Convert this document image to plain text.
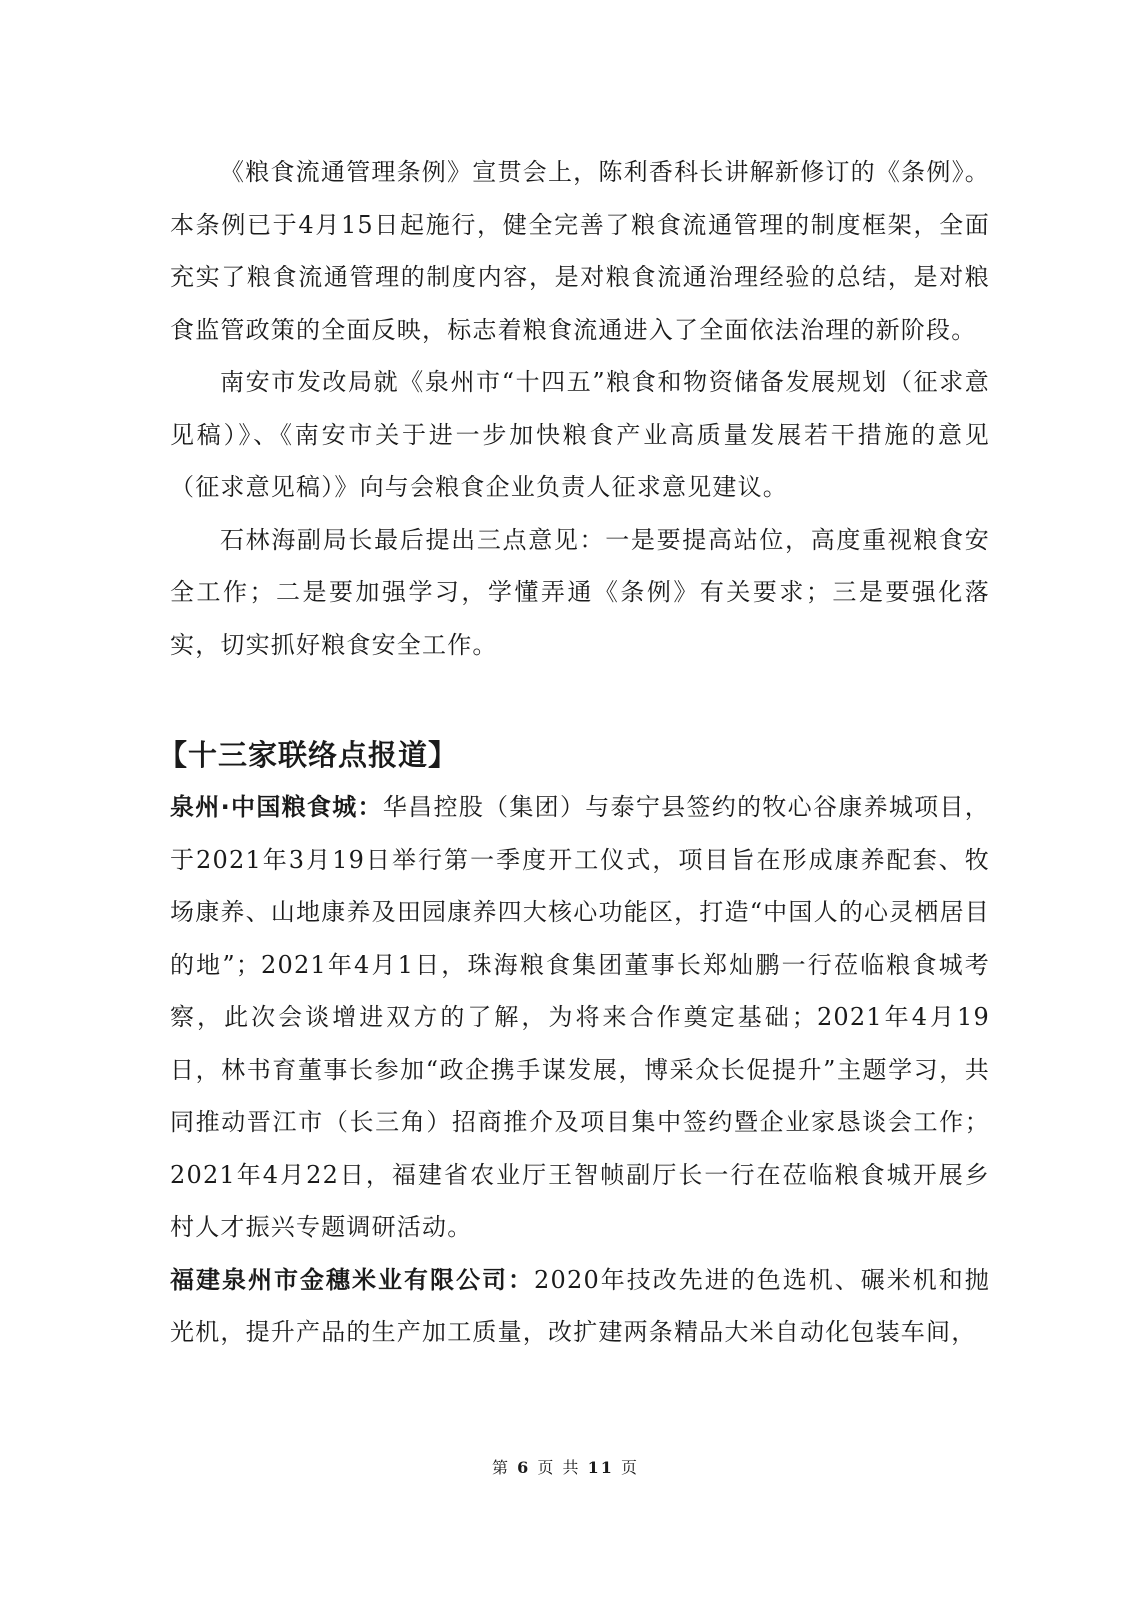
《粮食流通管理条例》宣贯会上，陈利香科长讲解新修订的《条例》。本条例已于4月15日起施行，健全完善了粮食流通管理的制度框架，全面充实了粮食流通管理的制度内容，是对粮食流通治理经验的总结，是对粮食监管政策的全面反映，标志着粮食流通进入了全面依法治理的新阶段。

南安市发改局就《泉州市“十四五”粮食和物资储备发展规划（征求意见稿）》、《南安市关于进一步加快粮食产业高质量发展若干措施的意见（征求意见稿）》向与会粮食企业负责人征求意见建议。

石林海副局长最后提出三点意见：一是要提高站位，高度重视粮食安全工作；二是要加强学习，学懂弄通《条例》有关要求；三是要强化落实，切实抓好粮食安全工作。

【十三家联络点报道】

泉州·中国粮食城：华昌控股（集团）与泰宁县签约的牧心谷康养城项目，于2021年3月19日举行第一季度开工仪式，项目旨在形成康养配套、牧场康养、山地康养及田园康养四大核心功能区，打造“中国人的心灵栖居目的地”；2021年4月1日，珠海粮食集团董事长郑灿鹏一行莅临粮食城考察，此次会谈增进双方的了解，为将来合作奠定基础；2021年4月19日，林书育董事长参加“政企携手谋发展，博采众长促提升”主题学习，共同推动晋江市（长三角）招商推介及项目集中签约暨企业家恳谈会工作；2021年4月22日，福建省农业厅王智帧副厅长一行在莅临粮食城开展乡村人才振兴专题调研活动。

福建泉州市金穗米业有限公司：2020年技改先进的色选机、碾米机和抛光机，提升产品的生产加工质量，改扩建两条精品大米自动化包装车间，

第 6 页 共 11 页
